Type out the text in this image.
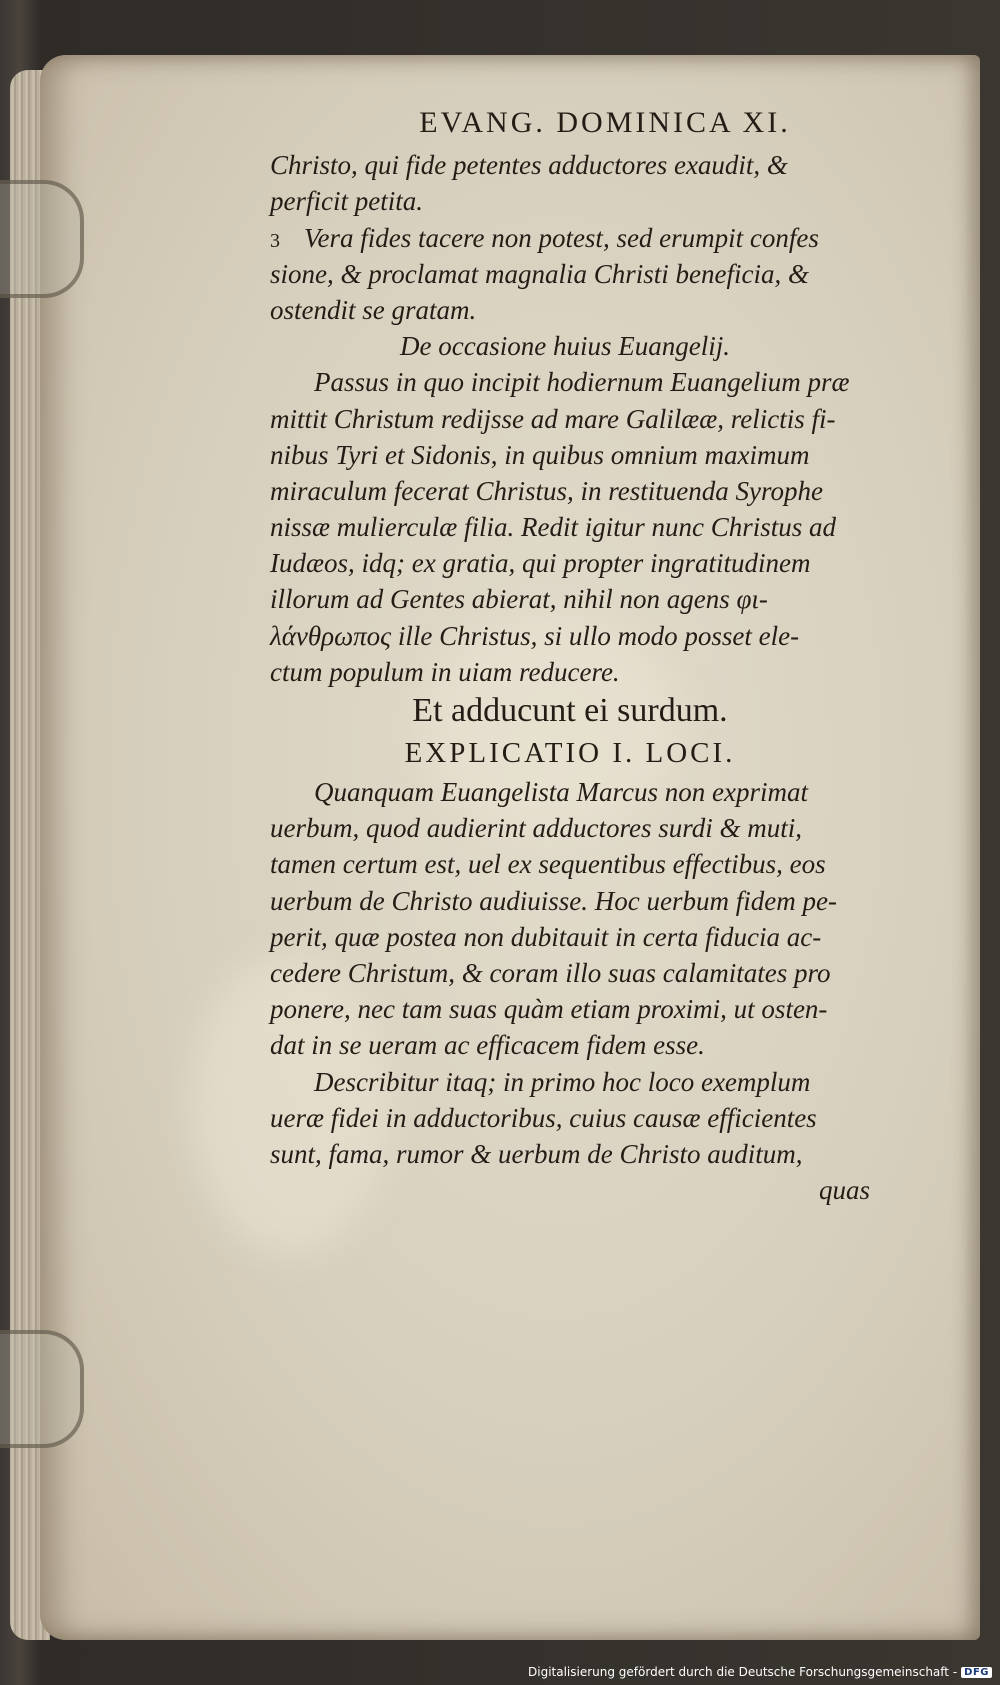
EVANG. DOMINICA XI.
Christo, qui fide petentes adductores exaudit, &
perficit petita.
3 Vera fides tacere non potest, sed erumpit confes
sione, & proclamat magnalia Christi beneficia, &
ostendit se gratam.
De occasione huius Euangelij.
Passus in quo incipit hodiernum Euangelium præ
mittit Christum redijsse ad mare Galilææ, relictis fi-
nibus Tyri et Sidonis, in quibus omnium maximum
miraculum fecerat Christus, in restituenda Syrophe
nissæ mulierculæ filia. Redit igitur nunc Christus ad
Iudæos, idq; ex gratia, qui propter ingratitudinem
illorum ad Gentes abierat, nihil non agens φι-
λάνθρωπος ille Christus, si ullo modo posset ele-
ctum populum in uiam reducere.
Et adducunt ei surdum.
EXPLICATIO I. LOCI.
Quanquam Euangelista Marcus non exprimat
uerbum, quod audierint adductores surdi & muti,
tamen certum est, uel ex sequentibus effectibus, eos
uerbum de Christo audiuisse. Hoc uerbum fidem pe-
perit, quæ postea non dubitauit in certa fiducia ac-
cedere Christum, & coram illo suas calamitates pro
ponere, nec tam suas quàm etiam proximi, ut osten-
dat in se ueram ac efficacem fidem esse.
Describitur itaq; in primo hoc loco exemplum
ueræ fidei in adductoribus, cuius causæ efficientes
sunt, fama, rumor & uerbum de Christo auditum,
quas
Digitalisierung gefördert durch die Deutsche Forschungsgemeinschaft - DFG
